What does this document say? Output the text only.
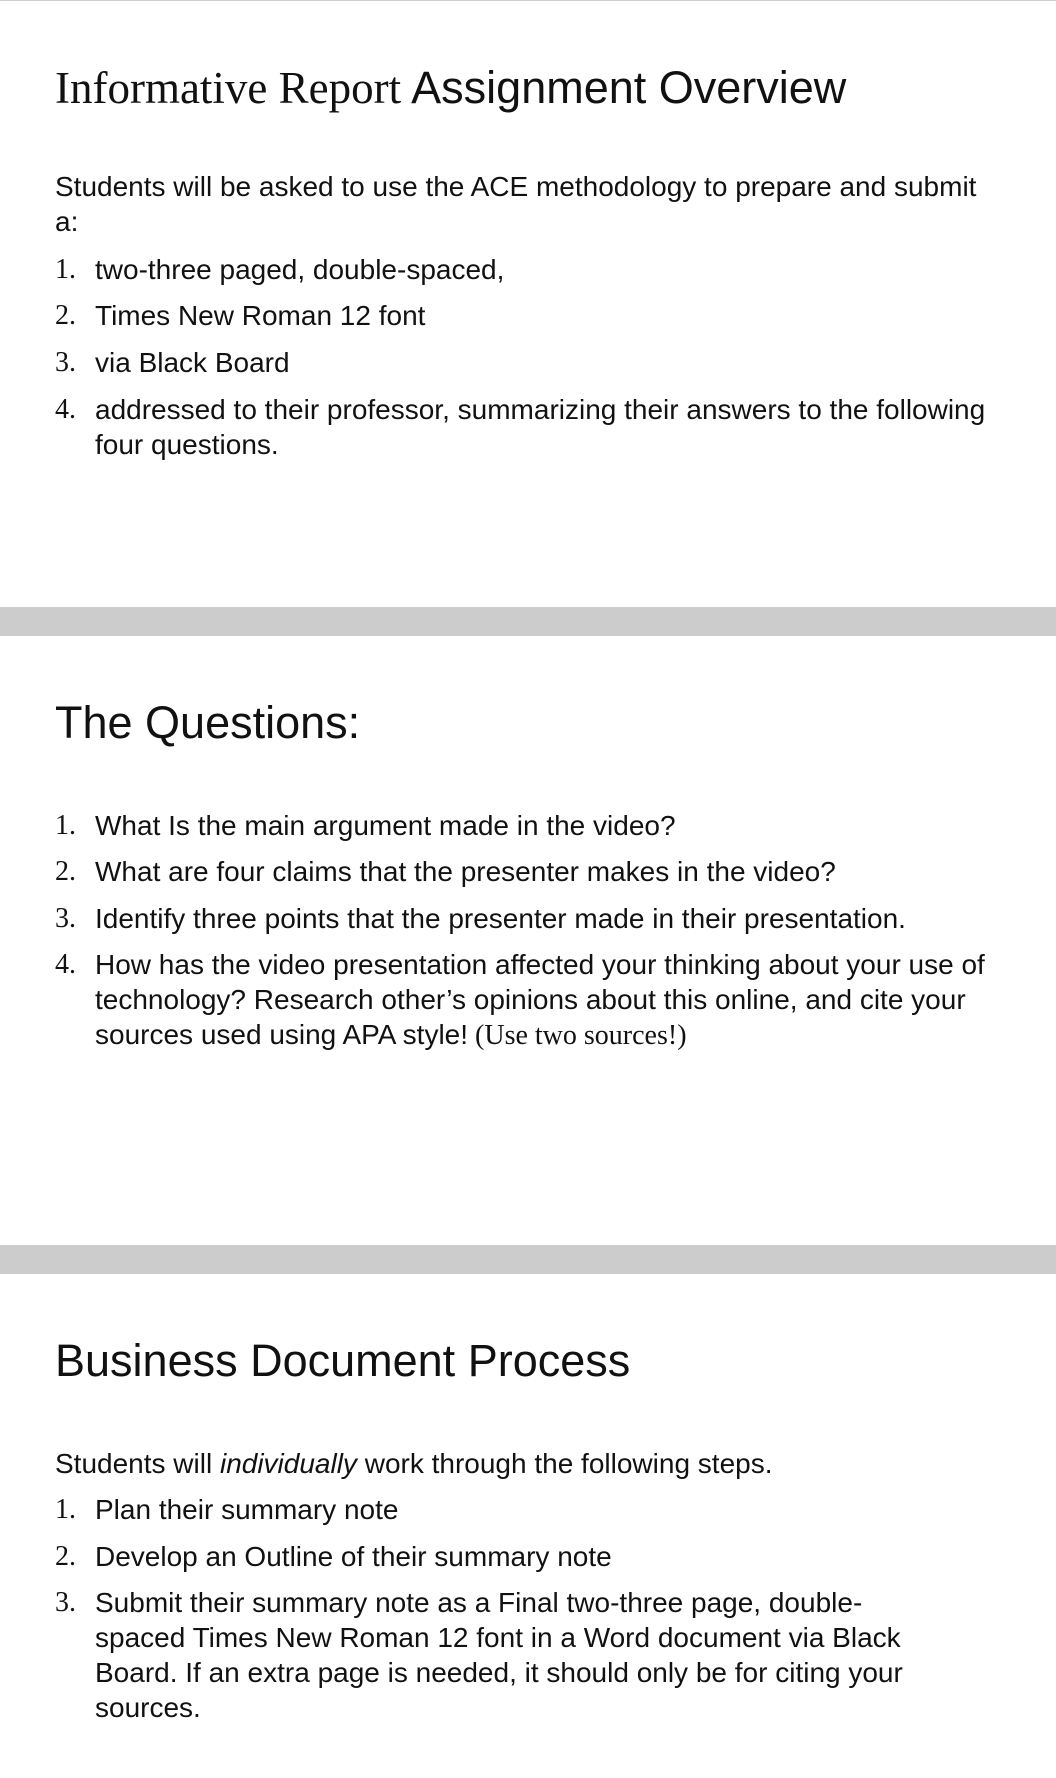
Informative Report Assignment Overview

Students will be asked to use the ACE methodology to prepare and submit a:

1. two-three paged, double-spaced,
2. Times New Roman 12 font
3. via Black Board
4. addressed to their professor, summarizing their answers to the following four questions.
The Questions:
1. What Is the main argument made in the video?
2. What are four claims that the presenter makes in the video?
3. Identify three points that the presenter made in their presentation.
4. How has the video presentation affected your thinking about your use of technology? Research other’s opinions about this online, and cite your sources used using APA style! (Use two sources!)
Business Document Process

Students will individually work through the following steps.

1. Plan their summary note
2. Develop an Outline of their summary note
3. Submit their summary note as a Final two-three page, double-spaced Times New Roman 12 font in a Word document via Black Board. If an extra page is needed, it should only be for citing your sources.
